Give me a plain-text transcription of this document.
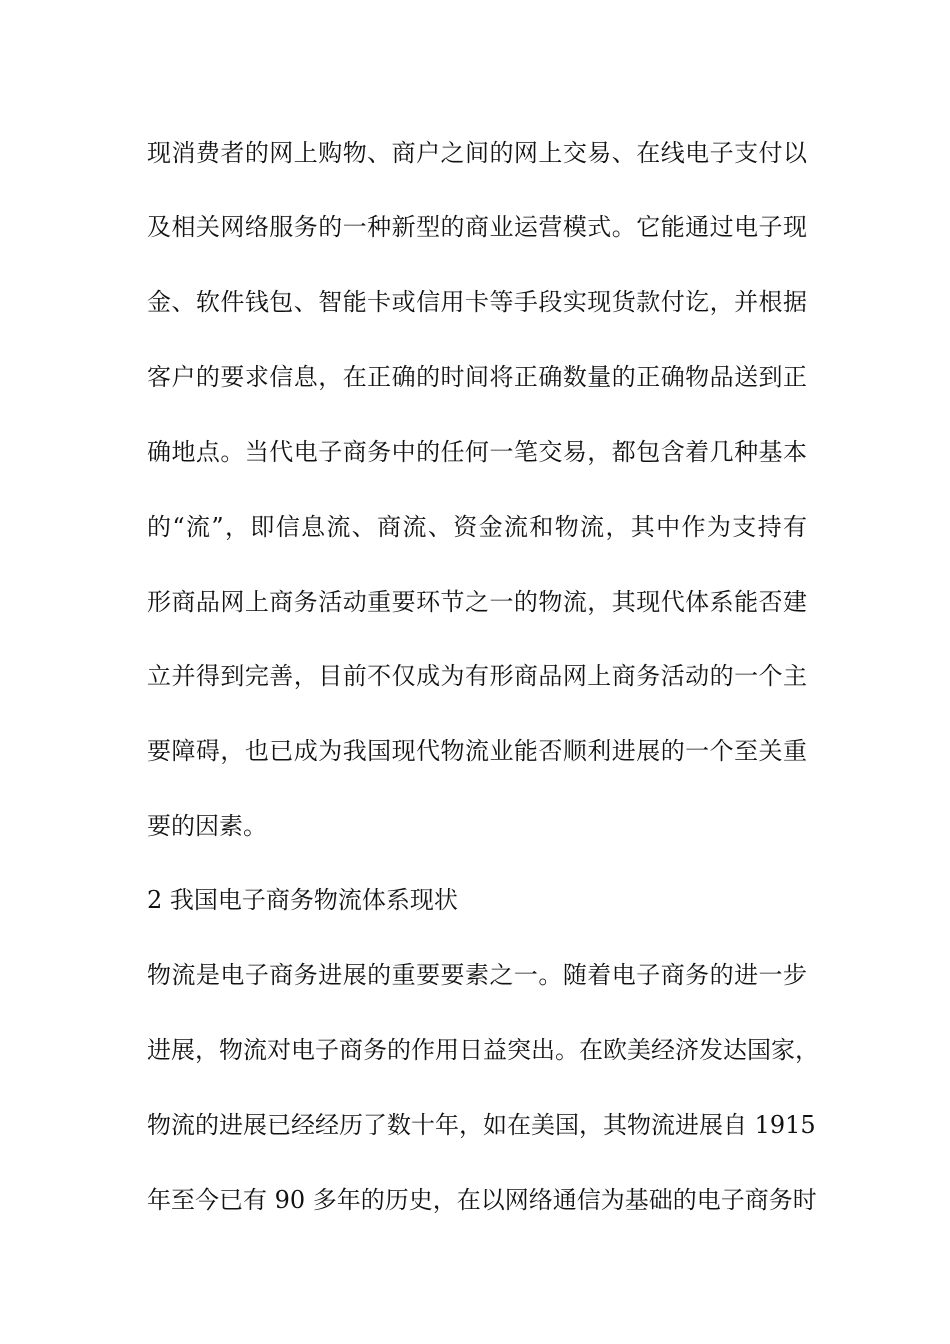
现消费者的网上购物、商户之间的网上交易、在线电子支付以
及相关网络服务的一种新型的商业运营模式。它能通过电子现
金、软件钱包、智能卡或信用卡等手段实现货款付讫，并根据
客户的要求信息，在正确的时间将正确数量的正确物品送到正
确地点。当代电子商务中的任何一笔交易，都包含着几种基本
的“流”，即信息流、商流、资金流和物流，其中作为支持有
形商品网上商务活动重要环节之一的物流，其现代体系能否建
立并得到完善，目前不仅成为有形商品网上商务活动的一个主
要障碍，也已成为我国现代物流业能否顺利进展的一个至关重
要的因素。
2 我国电子商务物流体系现状
物流是电子商务进展的重要要素之一。随着电子商务的进一步
进展，物流对电子商务的作用日益突出。在欧美经济发达国家，
物流的进展已经经历了数十年，如在美国，其物流进展自 1915
年至今已有 90 多年的历史，在以网络通信为基础的电子商务时
